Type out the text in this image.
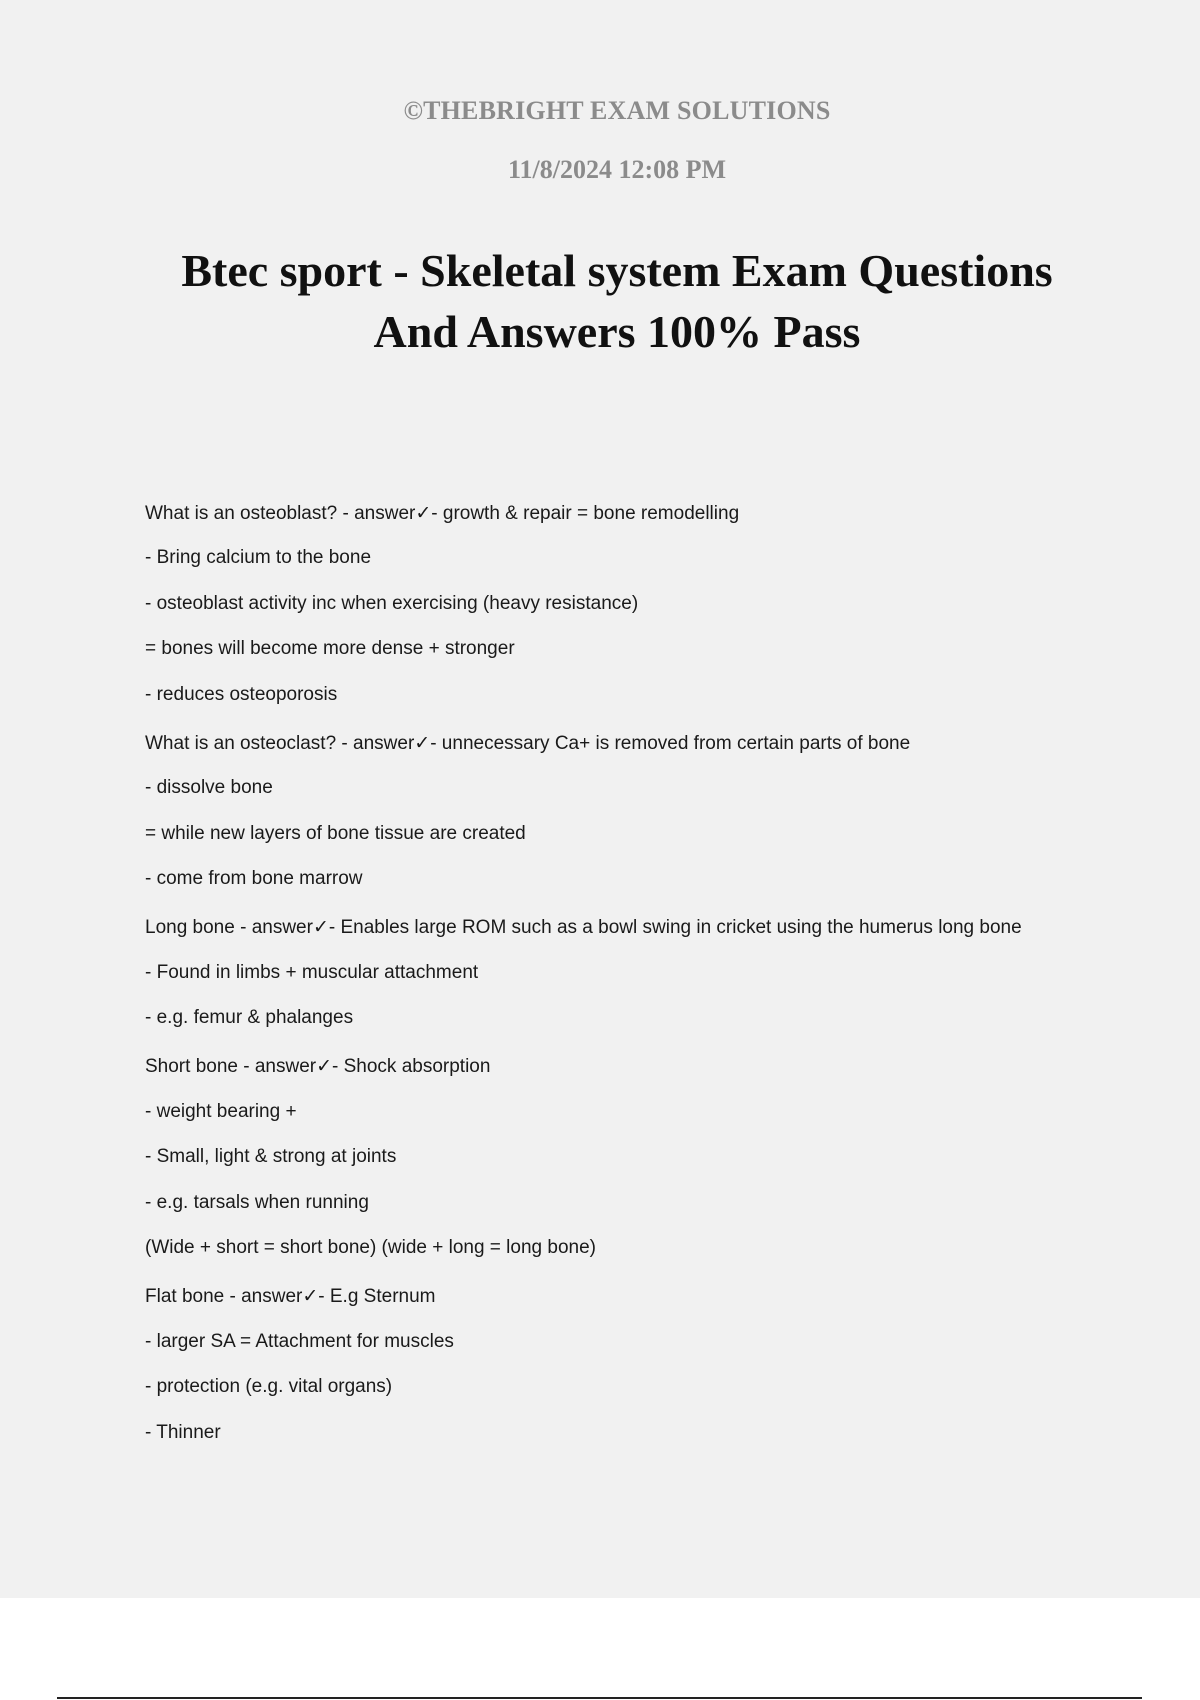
©THEBRIGHT EXAM SOLUTIONS
11/8/2024 12:08 PM
Btec sport - Skeletal system Exam Questions
And Answers 100% Pass
What is an osteoblast? - answer✓- growth & repair = bone remodelling
- Bring calcium to the bone
- osteoblast activity inc when exercising (heavy resistance)
= bones will become more dense + stronger
- reduces osteoporosis
What is an osteoclast? - answer✓- unnecessary Ca+ is removed from certain parts of bone
- dissolve bone
= while new layers of bone tissue are created
- come from bone marrow
Long bone - answer✓- Enables large ROM such as a bowl swing in cricket using the humerus long bone
- Found in limbs + muscular attachment
- e.g. femur & phalanges
Short bone - answer✓- Shock absorption
- weight bearing +
- Small, light & strong at joints
- e.g. tarsals when running
(Wide + short = short bone) (wide + long = long bone)
Flat bone - answer✓- E.g Sternum
- larger SA = Attachment for muscles
- protection (e.g. vital organs)
- Thinner
